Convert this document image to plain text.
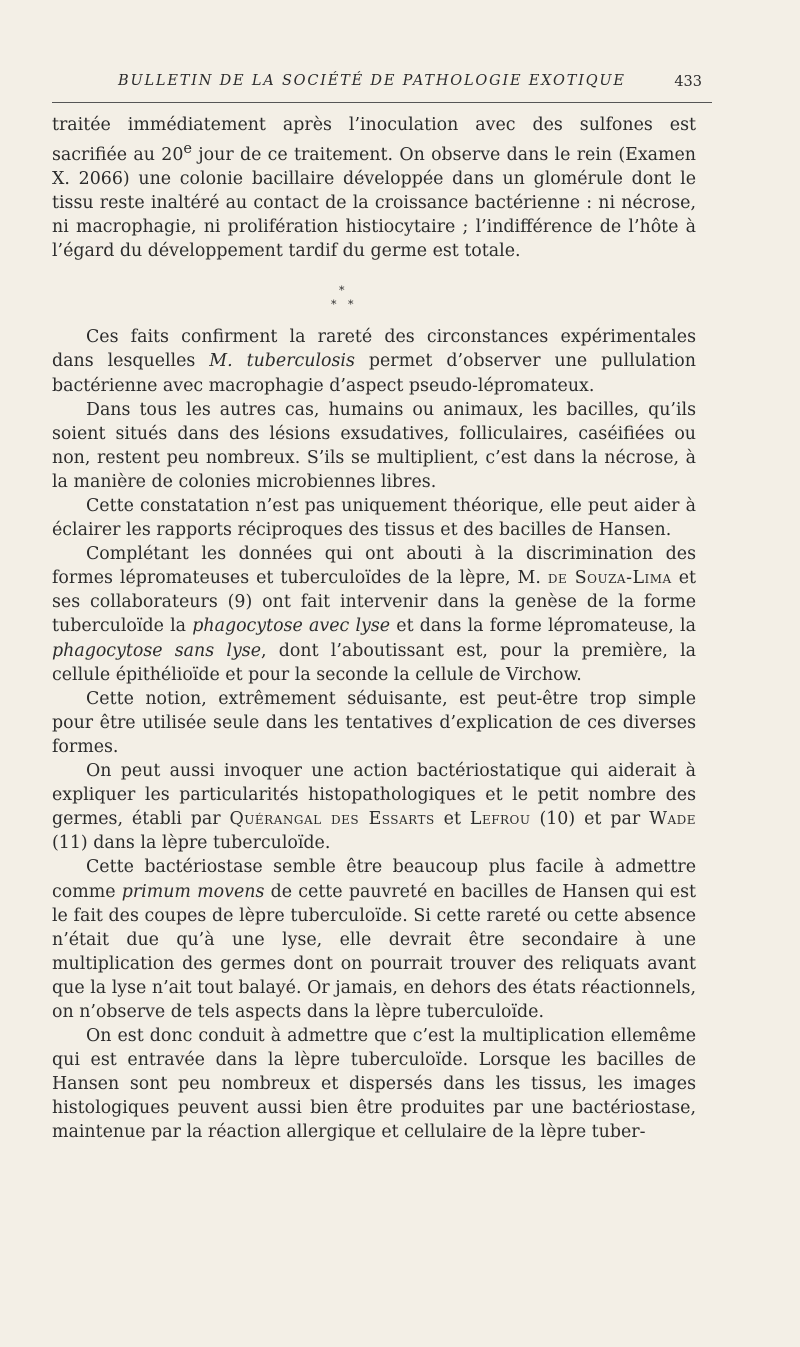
BULLETIN DE LA SOCIÉTÉ DE PATHOLOGIE EXOTIQUE	433

traitée immédiatement après l’inoculation avec des sulfones est sacrifiée au 20e jour de ce traitement. On observe dans le rein (Examen X. 2066) une colonie bacillaire développée dans un glomérule dont le tissu reste inaltéré au contact de la croissance bactérienne : ni nécrose, ni macrophagie, ni prolifération histiocytaire ; l’indifférence de l’hôte à l’égard du développement tardif du germe est totale.

*
* *

Ces faits confirment la rareté des circonstances expérimentales dans lesquelles M. tuberculosis permet d’observer une pullulation bactérienne avec macrophagie d’aspect pseudo-lépromateux.

Dans tous les autres cas, humains ou animaux, les bacilles, qu’ils soient situés dans des lésions exsudatives, folliculaires, caséifiées ou non, restent peu nombreux. S’ils se multiplient, c’est dans la nécrose, à la manière de colonies microbiennes libres.

Cette constatation n’est pas uniquement théorique, elle peut aider à éclairer les rapports réciproques des tissus et des bacilles de Hansen.

Complétant les données qui ont abouti à la discrimination des formes lépromateuses et tuberculoïdes de la lèpre, M. de Souza-Lima et ses collaborateurs (9) ont fait intervenir dans la genèse de la forme tuberculoïde la phagocytose avec lyse et dans la forme lépromateuse, la phagocytose sans lyse, dont l’aboutissant est, pour la première, la cellule épithélioïde et pour la seconde la cellule de Virchow.

Cette notion, extrêmement séduisante, est peut-être trop simple pour être utilisée seule dans les tentatives d’explication de ces diverses formes.

On peut aussi invoquer une action bactériostatique qui aiderait à expliquer les particularités histopathologiques et le petit nombre des germes, établi par Quérangal des Essarts et Lefrou (10) et par Wade (11) dans la lèpre tuberculoïde.

Cette bactériostase semble être beaucoup plus facile à admettre comme primum movens de cette pauvreté en bacilles de Hansen qui est le fait des coupes de lèpre tuberculoïde. Si cette rareté ou cette absence n’était due qu’à une lyse, elle devrait être secondaire à une multiplication des germes dont on pourrait trouver des reliquats avant que la lyse n’ait tout balayé. Or jamais, en dehors des états réactionnels, on n’observe de tels aspects dans la lèpre tuberculoïde.

On est donc conduit à admettre que c’est la multiplication ellemême qui est entravée dans la lèpre tuberculoïde. Lorsque les bacilles de Hansen sont peu nombreux et dispersés dans les tissus, les images histologiques peuvent aussi bien être produites par une bactériostase, maintenue par la réaction allergique et cellulaire de la lèpre tuber-
